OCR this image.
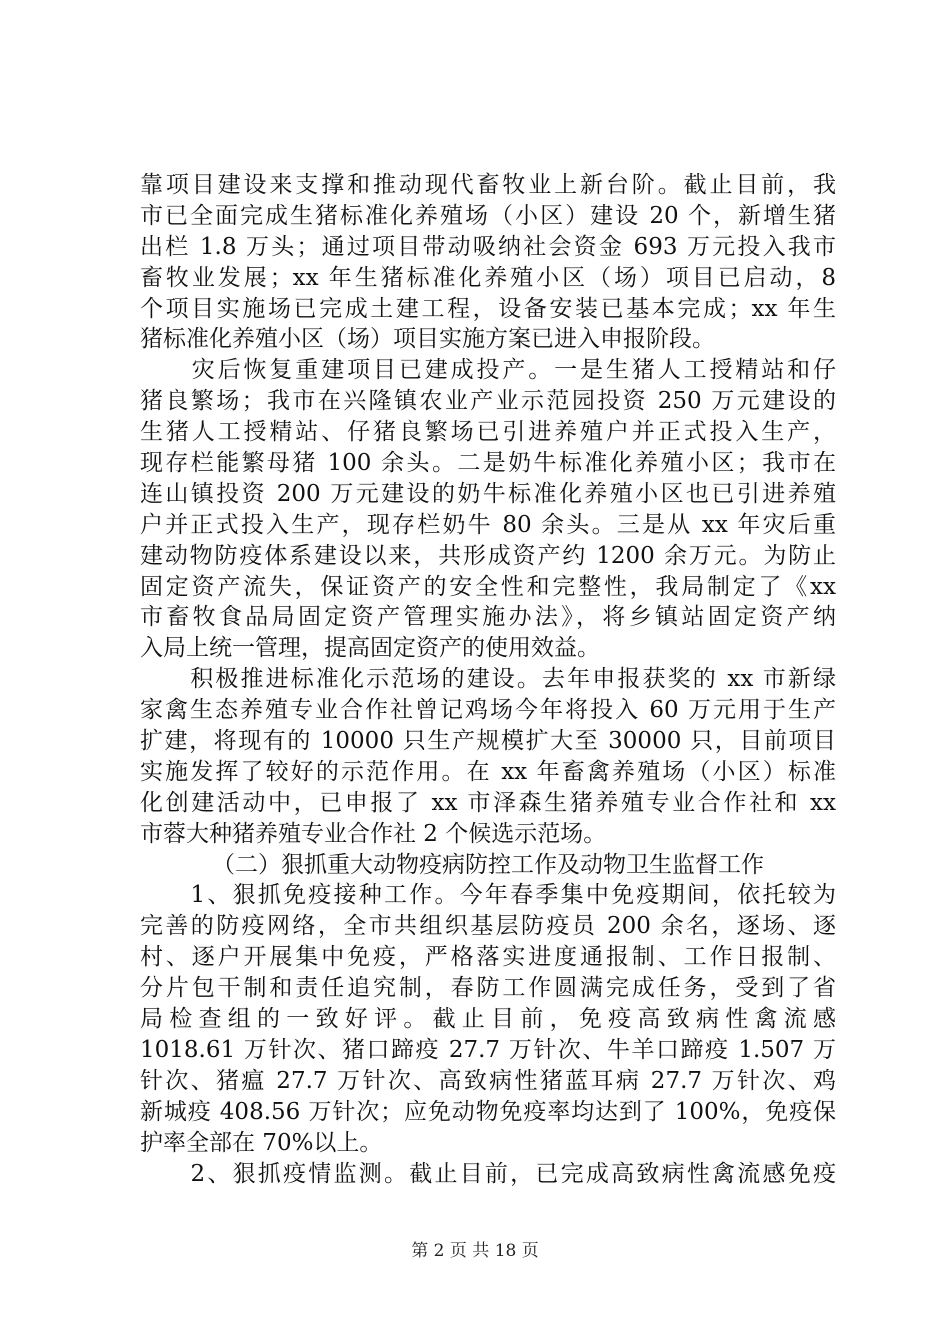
靠项目建设来支撑和推动现代畜牧业上新台阶。截止目前，我
市已全面完成生猪标准化养殖场（小区）建设 20 个，新增生猪
出栏 1.8 万头；通过项目带动吸纳社会资金 693 万元投入我市
畜牧业发展；xx 年生猪标准化养殖小区（场）项目已启动，8
个项目实施场已完成土建工程，设备安装已基本完成；xx 年生
猪标准化养殖小区（场）项目实施方案已进入申报阶段。
　　灾后恢复重建项目已建成投产。一是生猪人工授精站和仔
猪良繁场；我市在兴隆镇农业产业示范园投资 250 万元建设的
生猪人工授精站、仔猪良繁场已引进养殖户并正式投入生产，
现存栏能繁母猪 100 余头。二是奶牛标准化养殖小区；我市在
连山镇投资 200 万元建设的奶牛标准化养殖小区也已引进养殖
户并正式投入生产，现存栏奶牛 80 余头。三是从 xx 年灾后重
建动物防疫体系建设以来，共形成资产约 1200 余万元。为防止
固定资产流失，保证资产的安全性和完整性，我局制定了《xx
市畜牧食品局固定资产管理实施办法》，将乡镇站固定资产纳
入局上统一管理，提高固定资产的使用效益。
　　积极推进标准化示范场的建设。去年申报获奖的 xx 市新绿
家禽生态养殖专业合作社曾记鸡场今年将投入 60 万元用于生产
扩建，将现有的 10000 只生产规模扩大至 30000 只，目前项目
实施发挥了较好的示范作用。在 xx 年畜禽养殖场（小区）标准
化创建活动中，已申报了 xx 市泽森生猪养殖专业合作社和 xx
市蓉大种猪养殖专业合作社 2 个候选示范场。
（二）狠抓重大动物疫病防控工作及动物卫生监督工作
　　1、狠抓免疫接种工作。今年春季集中免疫期间，依托较为
完善的防疫网络，全市共组织基层防疫员 200 余名，逐场、逐
村、逐户开展集中免疫，严格落实进度通报制、工作日报制、
分片包干制和责任追究制，春防工作圆满完成任务，受到了省
局检查组的一致好评。截止目前，免疫高致病性禽流感
1018.61 万针次、猪口蹄疫 27.7 万针次、牛羊口蹄疫 1.507 万
针次、猪瘟 27.7 万针次、高致病性猪蓝耳病 27.7 万针次、鸡
新城疫 408.56 万针次；应免动物免疫率均达到了 100%，免疫保
护率全部在 70%以上。
　　2、狠抓疫情监测。截止目前，已完成高致病性禽流感免疫
第 2 页 共 18 页
